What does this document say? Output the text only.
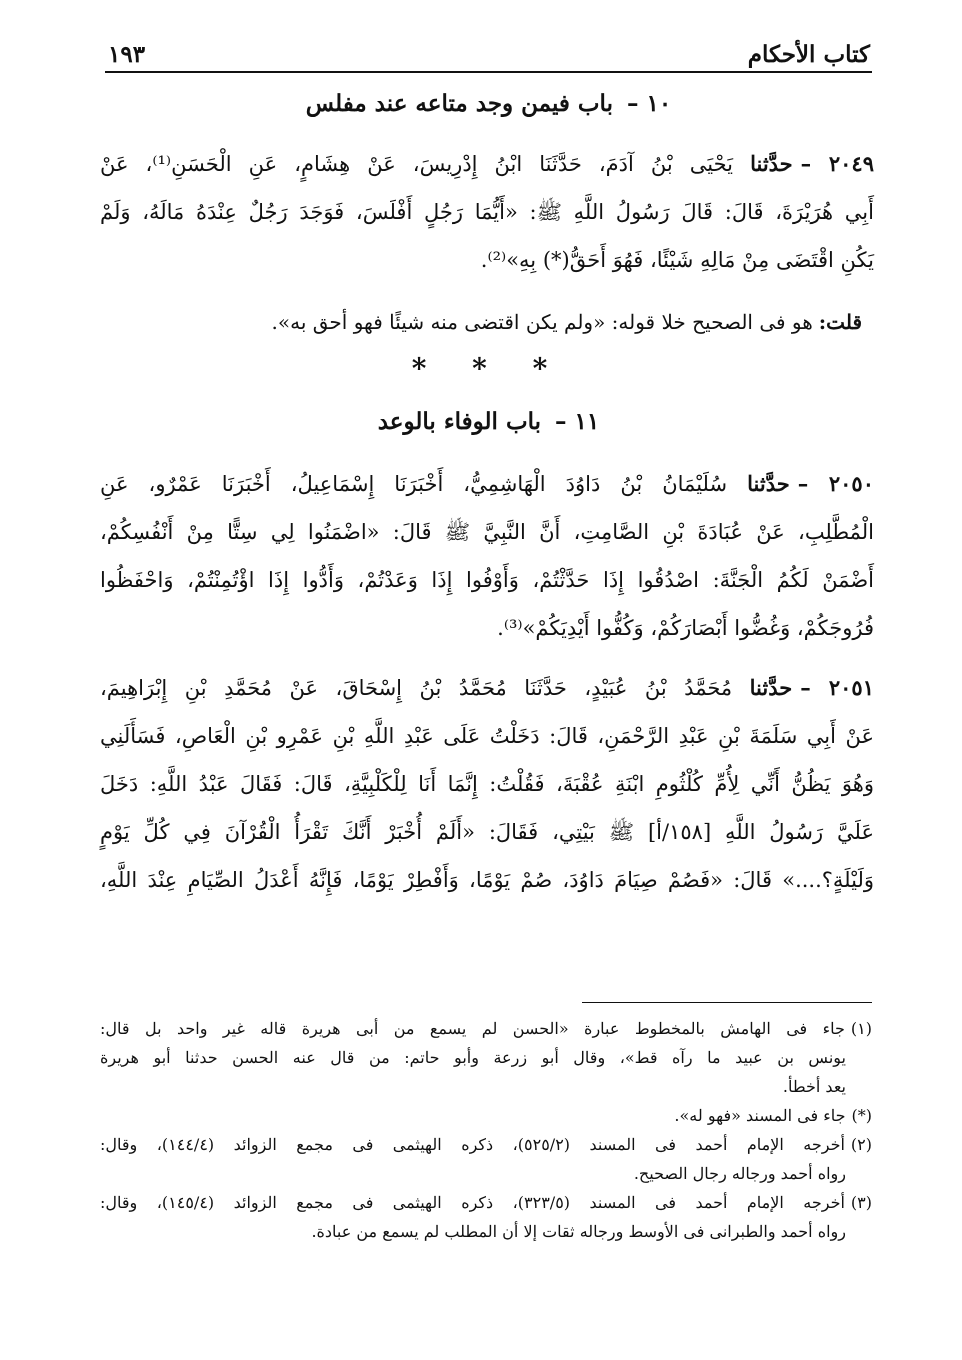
كتاب الأحكام
١٩٣
١٠ – باب فيمن وجد متاعه عند مفلس
٢٠٤٩ –حدَّثنا يَحْيَى بْنُ آدَمَ، حَدَّثَنَا ابْنُ إِدْرِيسَ، عَنْ هِشَامٍ، عَنِ الْحَسَنِ⁽¹⁾، عَنْ
أَبِي هُرَيْرَةَ، قَالَ: قَالَ رَسُولُ اللَّهِ ﷺ: «أَيُّمَا رَجُلٍ أَفْلَسَ، فَوَجَدَ رَجُلٌ عِنْدَهُ مَالَهُ، وَلَمْ
يَكُنِ اقْتَضَى مِنْ مَالِهِ شَيْئًا، فَهُوَ أَحَقُّ(*) بِهِ»⁽²⁾.
قلت:هو فى الصحيح خلا قوله: «ولم يكن اقتضى منه شيئًا فهو أحق به».
* * *
١١ – باب الوفاء بالوعد
٢٠٥٠ –حدَّثنا سُلَيْمَانُ بْنُ دَاوُدَ الْهَاشِمِيُّ، أَخْبَرَنَا إِسْمَاعِيلُ، أَخْبَرَنَا عَمْرٌو، عَنِ
الْمُطَّلِبِ، عَنْ عُبَادَةَ بْنِ الصَّامِتِ، أَنَّ النَّبِيَّ ﷺ قَالَ: «اضْمَنُوا لِي سِتًّا مِنْ أَنْفُسِكُمْ،
أَضْمَنْ لَكُمُ الْجَنَّةَ: اصْدُقُوا إِذَا حَدَّثْتُمْ، وَأَوْفُوا إِذَا وَعَدْتُمْ، وَأَدُّوا إِذَا اؤْتُمِنْتُمْ، وَاحْفَظُوا
فُرُوجَكُمْ، وَغُضُّوا أَبْصَارَكُمْ، وَكُفُّوا أَيْدِيَكُمْ»⁽³⁾.
٢٠٥١ –حدَّثنا مُحَمَّدُ بْنُ عُبَيْدٍ، حَدَّثَنَا مُحَمَّدُ بْنُ إِسْحَاقَ، عَنْ مُحَمَّدِ بْنِ إِبْرَاهِيمَ،
عَنْ أَبِي سَلَمَةَ بْنِ عَبْدِ الرَّحْمَنِ، قَالَ: دَخَلْتُ عَلَى عَبْدِ اللَّهِ بْنِ عَمْرِو بْنِ الْعَاصِ، فَسَأَلَنِي
وَهُوَ يَظُنُّ أَنِّي لِأُمِّ كُلْثُومِ ابْنَةِ عُقْبَةَ، فَقُلْتُ: إِنَّمَا أَنَا لِلْكَلْبِيَّةِ، قَالَ: فَقَالَ عَبْدُ اللَّهِ: دَخَلَ
عَلَيَّ رَسُولُ اللَّهِ [١٥٨/أ] ﷺ بَيْتِي، فَقَالَ: «أَلَمْ أُخْبَرْ أَنَّكَ تَقْرَأُ الْقُرْآنَ فِي كُلِّ يَوْمٍ
وَلَيْلَةٍ؟....» قَالَ: «فَصُمْ صِيَامَ دَاوُدَ، صُمْ يَوْمًا، وَأَفْطِرْ يَوْمًا، فَإِنَّهُ أَعْدَلُ الصِّيَامِ عِنْدَ اللَّهِ،
(١)جاء فى الهامش بالمخطوط عبارة «الحسن لم يسمع من أبى هريرة قاله غير واحد بل قال:
يونس بن عبيد ما رآه قط»، وقال أبو زرعة وأبو حاتم: من قال عنه الحسن حدثنا أبو هريرة
يعد أخطأ.
(*)جاء فى المسند «فهو له».
(٢)أخرجه الإمام أحمد فى المسند (٥٢٥/٢)، ذكره الهيثمى فى مجمع الزوائد (١٤٤/٤)، وقال:
رواه أحمد ورجاله رجال الصحيح.
(٣)أخرجه الإمام أحمد فى المسند (٣٢٣/٥)، ذكره الهيثمى فى مجمع الزوائد (١٤٥/٤)، وقال:
رواه أحمد والطبرانى فى الأوسط ورجاله ثقات إلا أن المطلب لم يسمع من عبادة.
